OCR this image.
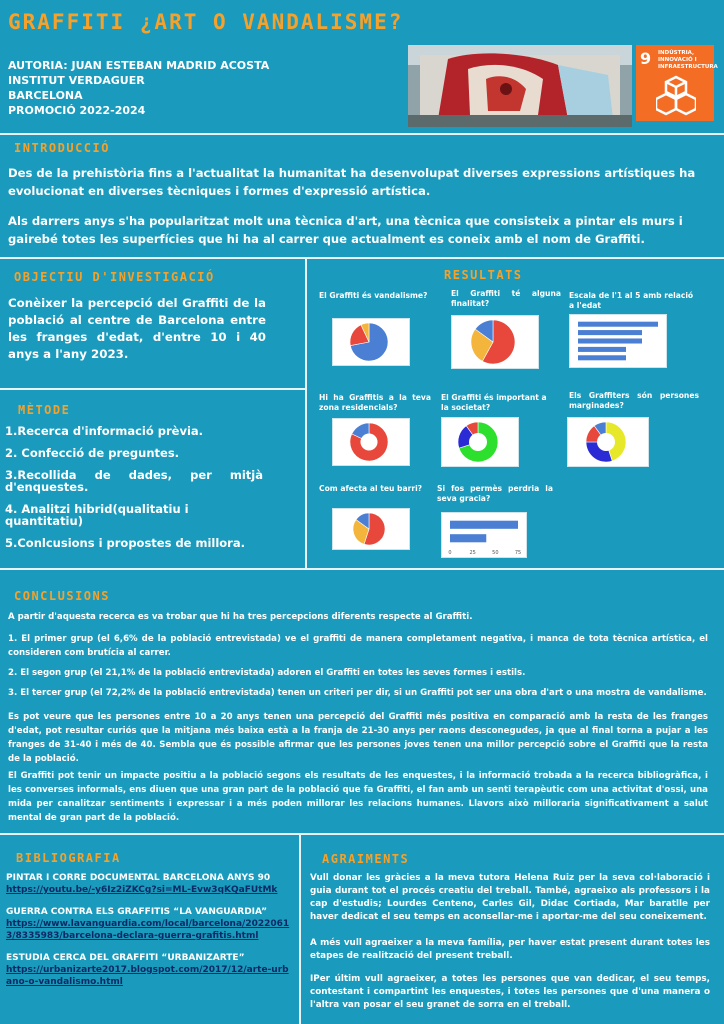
GRAFFITI ¿ART O VANDALISME?
AUTORIA: JUAN ESTEBAN MADRID ACOSTA
INSTITUT VERDAGUER
BARCELONA
PROMOCIÓ 2022-2024
9 INDÚSTRIA,
INNOVACIÓ I
INFRAESTRUCTURA
INTRODUCCIÓ
Des de la prehistòria fins a l'actualitat la humanitat ha desenvolupat diverses expressions artístiques ha evolucionat en diverses tècniques i formes d'expressió artística.
Als darrers anys s'ha popularitzat molt una tècnica d'art, una tècnica que consisteix a pintar els murs i gairebé totes les superfícies que hi ha al carrer que actualment es coneix amb el nom de Graffiti.
OBJECTIU D'INVESTIGACIÓ
Conèixer la percepció del Graffiti de la població al centre de Barcelona entre les franges d'edat, d'entre 10 i 40 anys a l'any 2023.
MÈTODE
1.Recerca d'informació prèvia.
2. Confecció de preguntes.
3.Recollida de dades, per mitjà d'enquestes.
4. Analitzi hibrid(qualitatiu i quantitatiu)
5.Conlcusions i propostes de millora.
RESULTATS
El Graffiti és vandalisme?	El Graffiti té alguna finalitat?
Escala de l'1 al 5 amb relació a l'edat
Hi ha Graffitis a la teva zona residencials?
El Graffiti és important a la societat?
Els Graffiters són persones marginades?
Com afecta al teu barri?	Si fos permès perdria la seva gracia?
0	25	50	75
CONCLUSIONS
A partir d'aquesta recerca es va trobar que hi ha tres percepcions diferents respecte al Graffiti.
1. El primer grup (el 6,6% de la població entrevistada) ve el graffiti de manera completament negativa, i manca de tota tècnica artística, el consideren com brutícia al carrer.
2. El segon grup (el 21,1% de la població entrevistada) adoren el Graffiti en totes les seves formes i estils.
3. El tercer grup (el 72,2% de la població entrevistada) tenen un criteri per dir, si un Graffiti pot ser una obra d'art o una mostra de vandalisme.
Es pot veure que les persones entre 10 a 20 anys tenen una percepció del Graffiti més positiva en comparació amb la resta de les franges d'edat, pot resultar curiós que la mitjana més baixa està a la franja de 21-30 anys per raons desconegudes, ja que al final torna a pujar a les franges de 31-40 i més de 40. Sembla que és possible afirmar que les persones joves tenen una millor percepció sobre el Graffiti que la resta de la població.
El Graffiti pot tenir un impacte positiu a la població segons els resultats de les enquestes, i la informació trobada a la recerca bibliogràfica, i les converses informals, ens diuen que una gran part de la població que fa Graffiti, el fan amb un senti terapèutic com una activitat d'ossi, una mida per canalitzar sentiments i expressar i a més poden millorar les relacions humanes. Llavors això milloraria significativament a salut mental de gran part de la població.
BIBLIOGRAFIA
PINTAR I CORRE DOCUMENTAL BARCELONA ANYS 90
https://youtu.be/-y6Iz2iZKCg?si=ML-Evw3qKQaFUtMk
GUERRA CONTRA ELS GRAFFITIS “LA VANGUARDIA”
https://www.lavanguardia.com/local/barcelona/20220613/8335983/barcelona-declara-guerra-grafitis.html
ESTUDIA CERCA DEL GRAFFITI “URBANIZARTE”
https://urbanizarte2017.blogspot.com/2017/12/arte-urbano-o-vandalismo.html
AGRAIMENTS
Vull donar les gràcies a la meva tutora Helena Ruiz per la seva col·laboració i guia durant tot el procés creatiu del treball. També, agraeixo als professors i la cap d'estudis; Lourdes Centeno, Carles Gil, Didac Cortiada, Mar baratlle per haver dedicat el seu temps en aconsellar-me i aportar-me del seu coneixement.
A més vull agraeixer a la meva família, per haver estat present durant totes les etapes de realització del present treball.
IPer últim vull agraeixer, a totes les persones que van dedicar, el seu temps, contestant i compartint les enquestes, i totes les persones que d'una manera o l'altra van posar el seu granet de sorra en el treball.
